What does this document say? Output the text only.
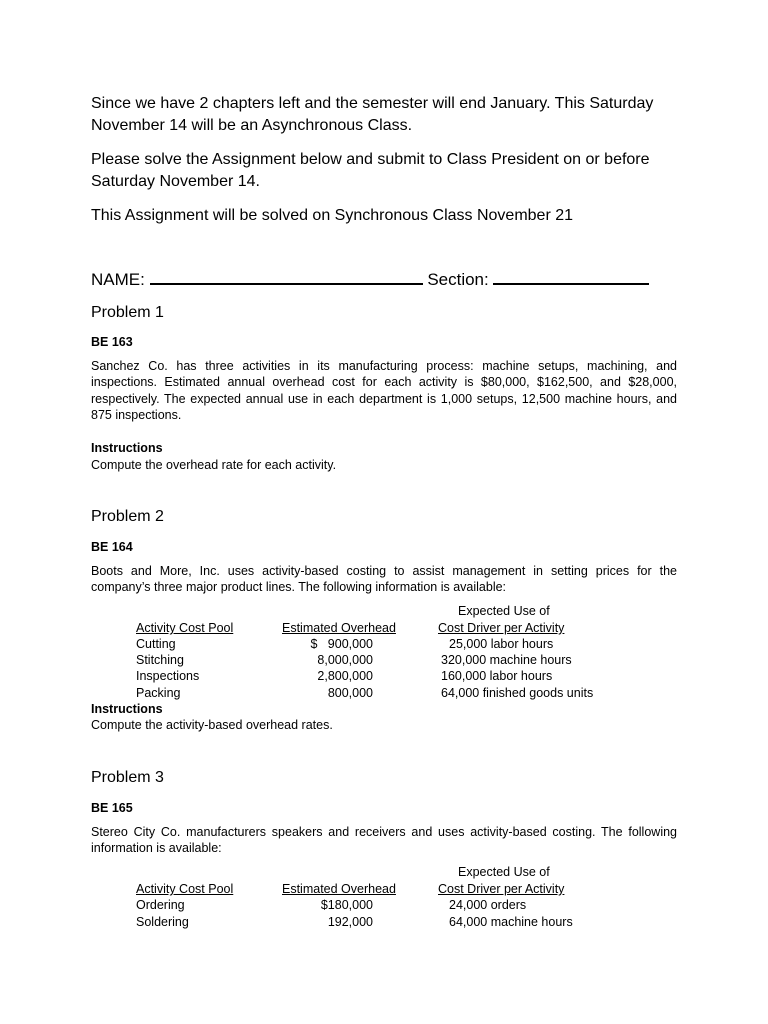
Since we have 2 chapters left and the semester will end January. This Saturday November 14 will be an Asynchronous Class.
Please solve the Assignment below and submit to Class President on or before Saturday November 14.
This Assignment will be solved on Synchronous Class November 21
NAME:	Section:
Problem 1
BE 163
Sanchez Co. has three activities in its manufacturing process: machine setups, machining, and inspections. Estimated annual overhead cost for each activity is $80,000, $162,500, and $28,000, respectively. The expected annual use in each department is 1,000 setups, 12,500 machine hours, and 875 inspections.
Instructions
Compute the overhead rate for each activity.
Problem 2
BE 164
Boots and More, Inc. uses activity-based costing to assist management in setting prices for the company’s three major product lines. The following information is available:
Expected Use of
Activity Cost Pool	Estimated Overhead	Cost Driver per Activity
Cutting	$   900,000	25,000 labor hours
Stitching	8,000,000	320,000 machine hours
Inspections	2,800,000	160,000 labor hours
Packing	800,000	64,000 finished goods units
Instructions
Compute the activity-based overhead rates.
Problem 3
BE 165
Stereo City Co. manufacturers speakers and receivers and uses activity-based costing. The following information is available:
Expected Use of
Activity Cost Pool	Estimated Overhead	Cost Driver per Activity
Ordering	$180,000	24,000 orders
Soldering	192,000	64,000 machine hours
